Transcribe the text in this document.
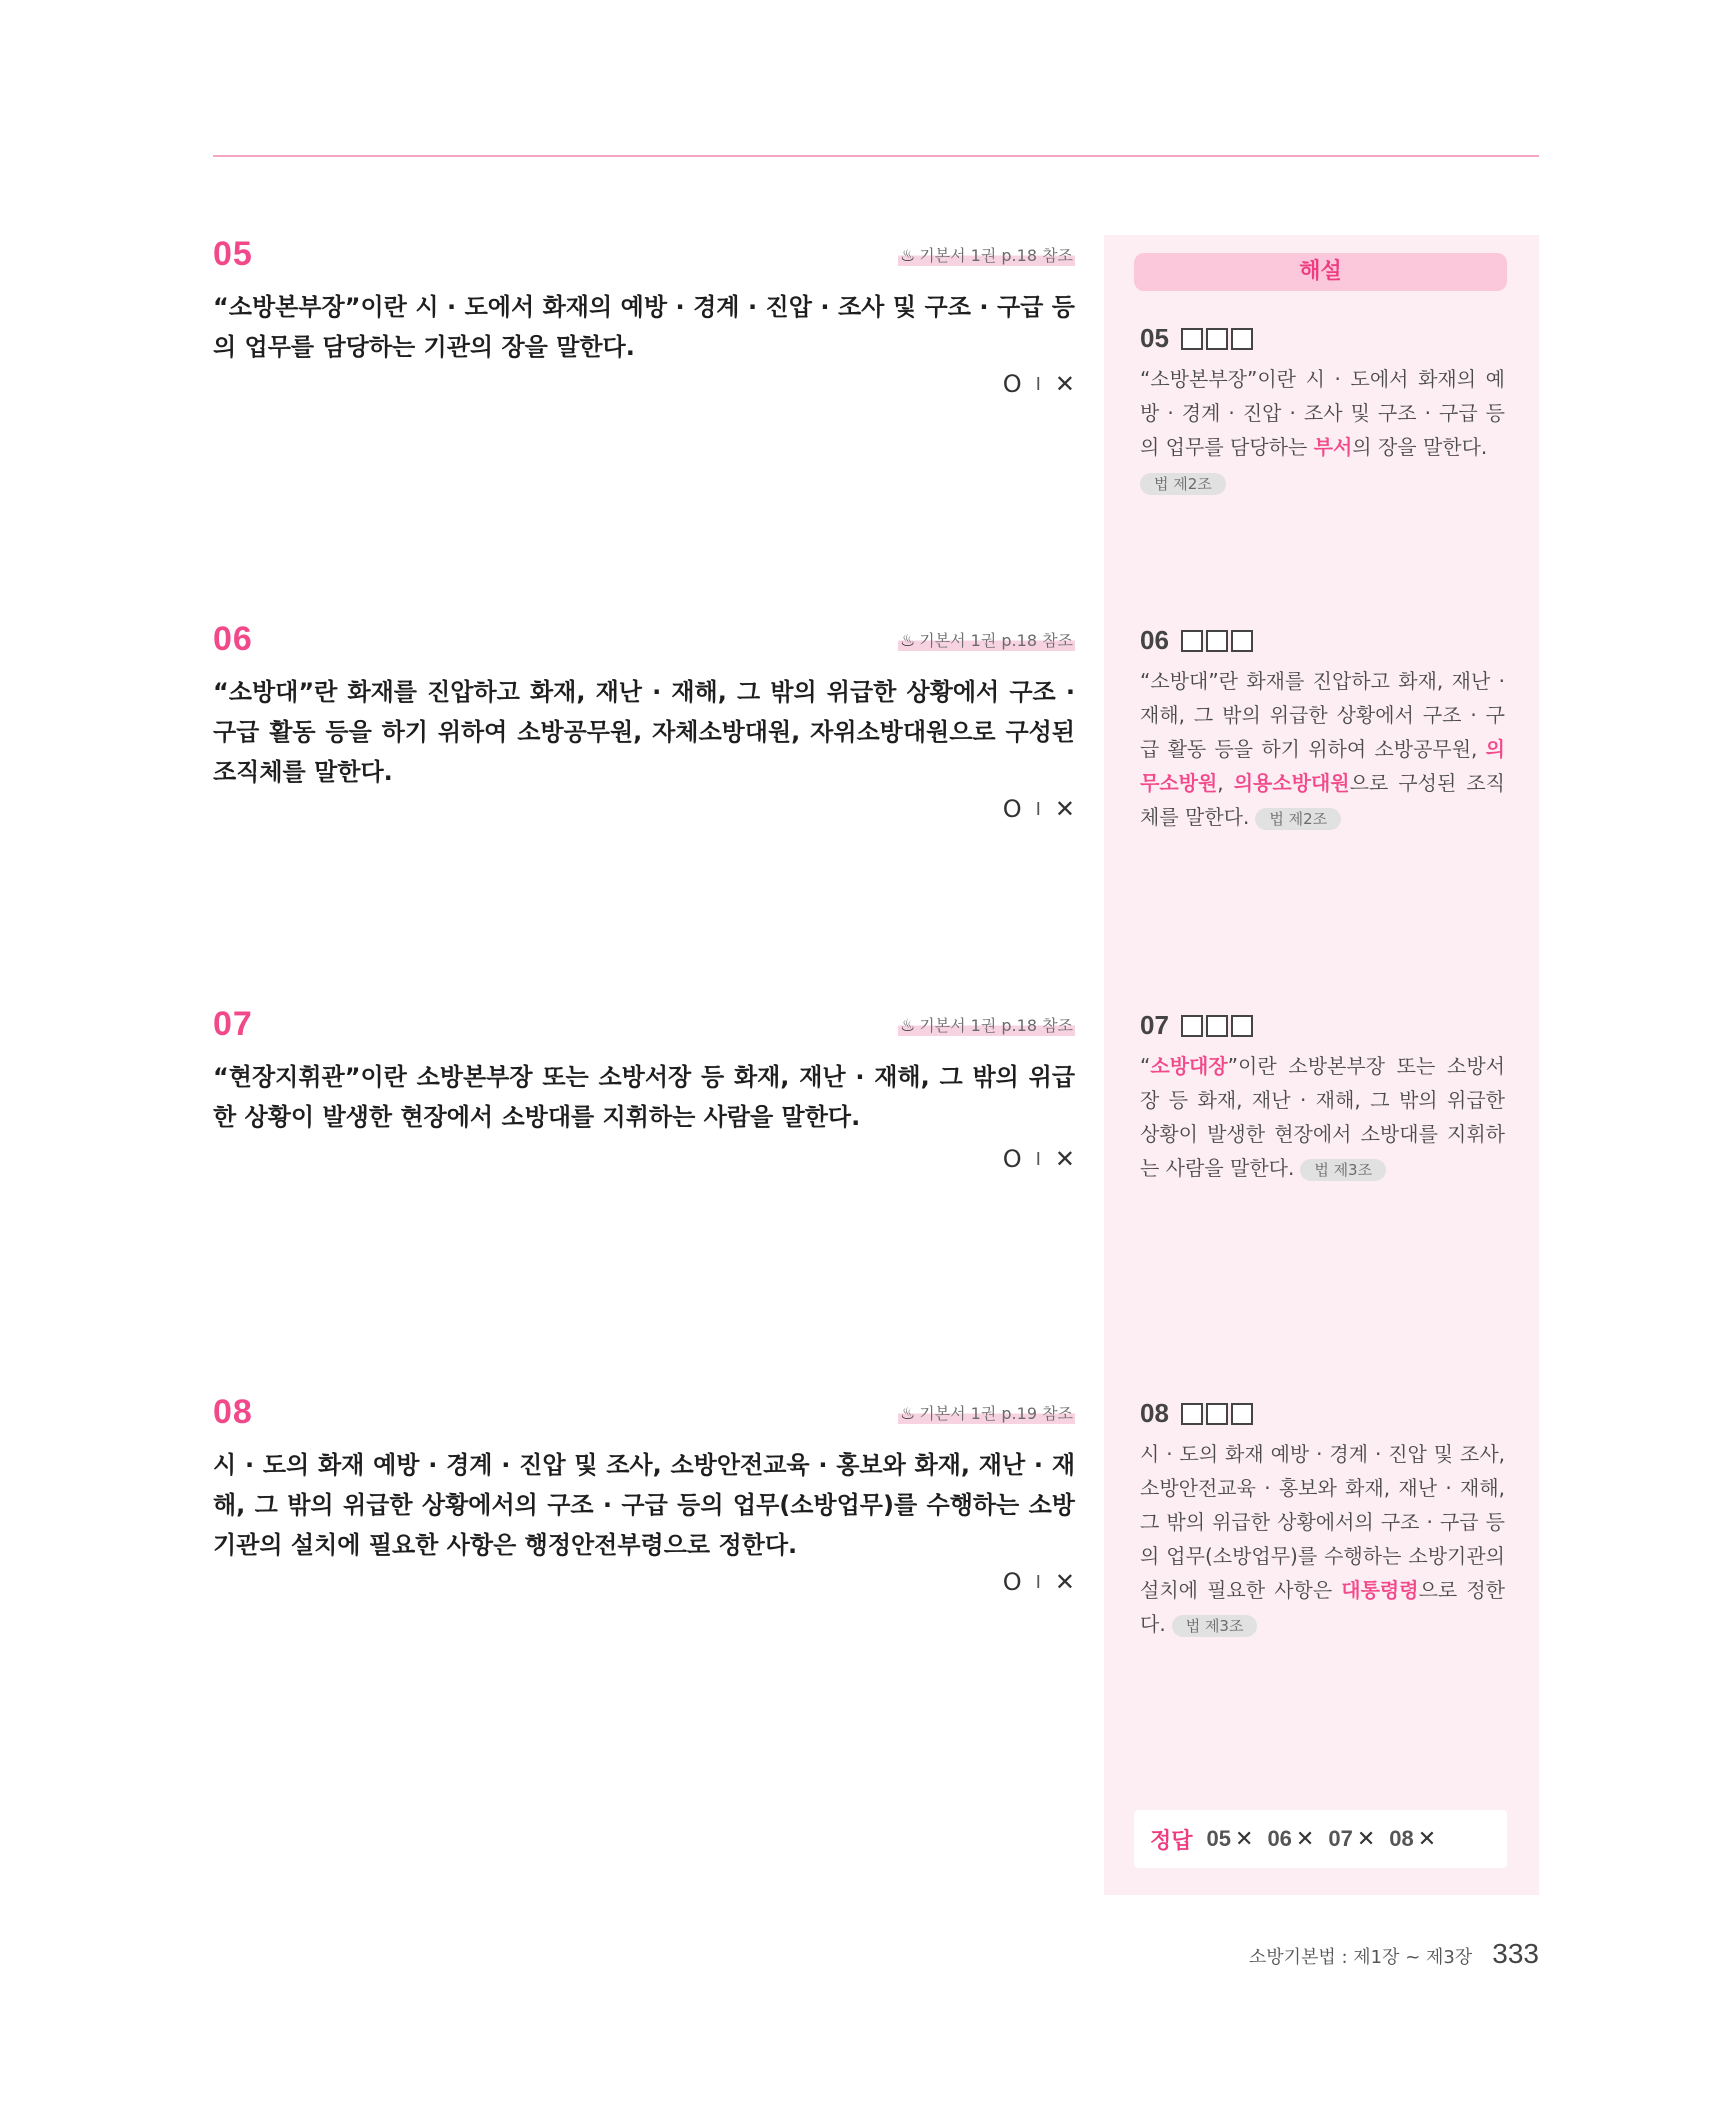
05	♨ 기본서 1권 p.18 참조

“소방본부장”이란 시 · 도에서 화재의 예방 · 경계 · 진압 · 조사 및 구조 · 구급 등의 업무를 담당하는 기관의 장을 말한다.

O I ✕
06	♨ 기본서 1권 p.18 참조

“소방대”란 화재를 진압하고 화재, 재난 · 재해, 그 밖의 위급한 상황에서 구조 · 구급 활동 등을 하기 위하여 소방공무원, 자체소방대원, 자위소방대원으로 구성된 조직체를 말한다.

O I ✕
07	♨ 기본서 1권 p.18 참조

“현장지휘관”이란 소방본부장 또는 소방서장 등 화재, 재난 · 재해, 그 밖의 위급한 상황이 발생한 현장에서 소방대를 지휘하는 사람을 말한다.

O I ✕
08	♨ 기본서 1권 p.19 참조

시 · 도의 화재 예방 · 경계 · 진압 및 조사, 소방안전교육 · 홍보와 화재, 재난 · 재해, 그 밖의 위급한 상황에서의 구조 · 구급 등의 업무(소방업무)를 수행하는 소방기관의 설치에 필요한 사항은 행정안전부령으로 정한다.

O I ✕
해설
05
“소방본부장”이란 시 · 도에서 화재의 예방 · 경계 · 진압 · 조사 및 구조 · 구급 등의 업무를 담당하는 부서의 장을 말한다.
법 제2조
06
“소방대”란 화재를 진압하고 화재, 재난 · 재해, 그 밖의 위급한 상황에서 구조 · 구급 활동 등을 하기 위하여 소방공무원, 의무소방원, 의용소방대원으로 구성된 조직체를 말한다. 법 제2조
07
“소방대장”이란 소방본부장 또는 소방서장 등 화재, 재난 · 재해, 그 밖의 위급한 상황이 발생한 현장에서 소방대를 지휘하는 사람을 말한다. 법 제3조
08
시 · 도의 화재 예방 · 경계 · 진압 및 조사, 소방안전교육 · 홍보와 화재, 재난 · 재해, 그 밖의 위급한 상황에서의 구조 · 구급 등의 업무(소방업무)를 수행하는 소방기관의 설치에 필요한 사항은 대통령령으로 정한다. 법 제3조
정답 05 ✕ 06 ✕ 07 ✕ 08 ✕
소방기본법 : 제1장 ~ 제3장 333
